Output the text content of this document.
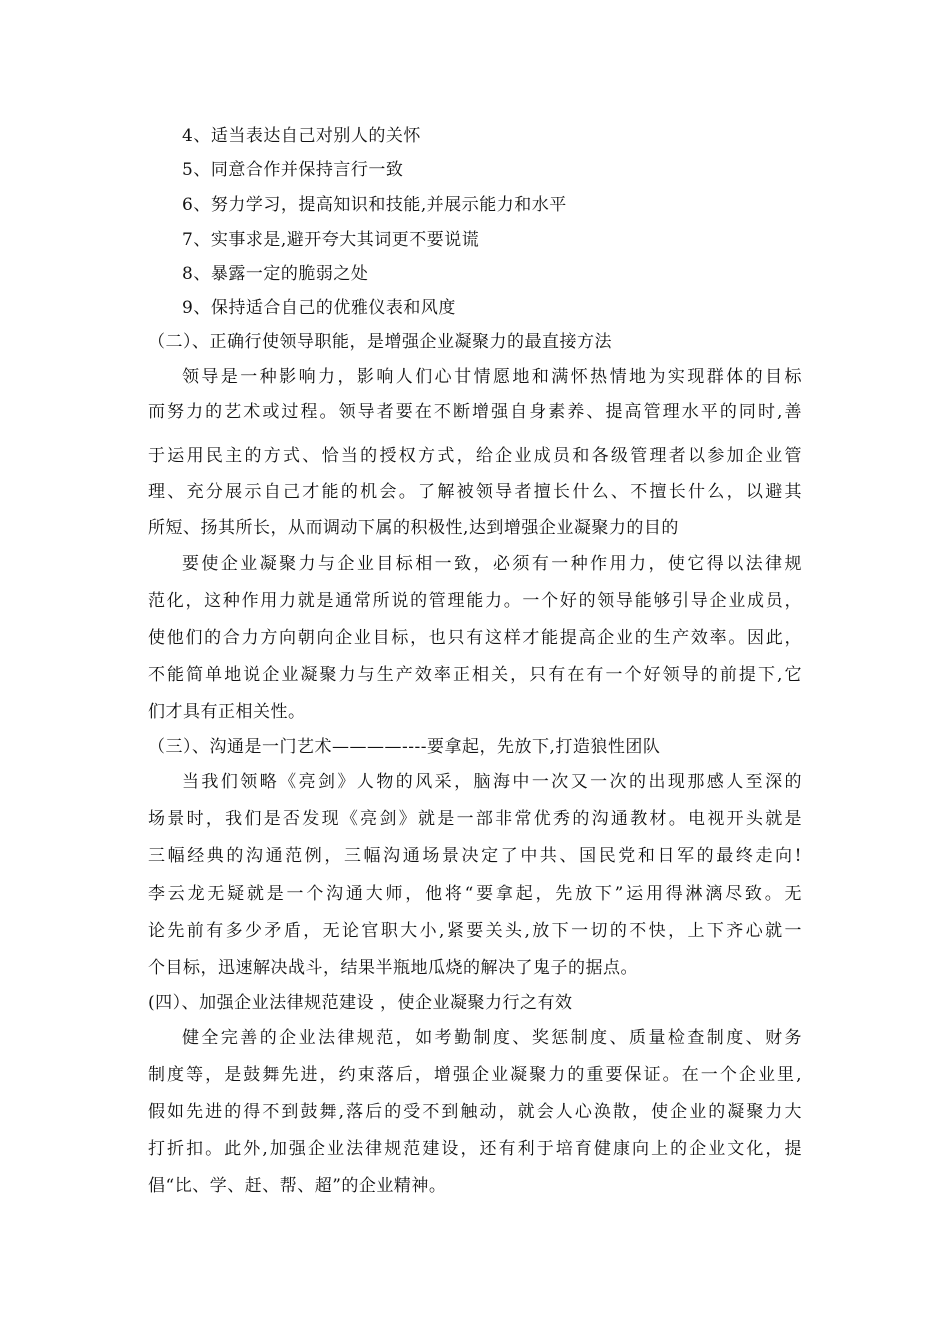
4、适当表达自己对别人的关怀
5、同意合作并保持言行一致
6、努力学习，提高知识和技能,并展示能力和水平
7、实事求是,避开夸大其词更不要说谎
8、暴露一定的脆弱之处
9、保持适合自己的优雅仪表和风度
（二）、正确行使领导职能，是增强企业凝聚力的最直接方法
领导是一种影响力，影响人们心甘情愿地和满怀热情地为实现群体的目标
而努力的艺术或过程。领导者要在不断增强自身素养、提高管理水平的同时,善
于运用民主的方式、恰当的授权方式，给企业成员和各级管理者以参加企业管
理、充分展示自己才能的机会。了解被领导者擅长什么、不擅长什么，以避其
所短、扬其所长，从而调动下属的积极性,达到增强企业凝聚力的目的
要使企业凝聚力与企业目标相一致，必须有一种作用力，使它得以法律规
范化，这种作用力就是通常所说的管理能力。一个好的领导能够引导企业成员，
使他们的合力方向朝向企业目标，也只有这样才能提高企业的生产效率。因此，
不能简单地说企业凝聚力与生产效率正相关，只有在有一个好领导的前提下,它
们才具有正相关性。
（三）、沟通是一门艺术————----要拿起，先放下,打造狼性团队
当我们领略《亮剑》人物的风采，脑海中一次又一次的出现那感人至深的
场景时，我们是否发现《亮剑》就是一部非常优秀的沟通教材。电视开头就是
三幅经典的沟通范例，三幅沟通场景决定了中共、国民党和日军的最终走向!
李云龙无疑就是一个沟通大师，他将“要拿起，先放下”运用得淋漓尽致。无
论先前有多少矛盾，无论官职大小,紧要关头,放下一切的不快，上下齐心就一
个目标，迅速解决战斗，结果半瓶地瓜烧的解决了鬼子的据点。
(四）、加强企业法律规范建设 ，使企业凝聚力行之有效
健全完善的企业法律规范，如考勤制度、奖惩制度、质量检查制度、财务
制度等，是鼓舞先进，约束落后，增强企业凝聚力的重要保证。在一个企业里,
假如先进的得不到鼓舞,落后的受不到触动，就会人心涣散，使企业的凝聚力大
打折扣。此外,加强企业法律规范建设，还有利于培育健康向上的企业文化，提
倡“比、学、赶、帮、超”的企业精神。
